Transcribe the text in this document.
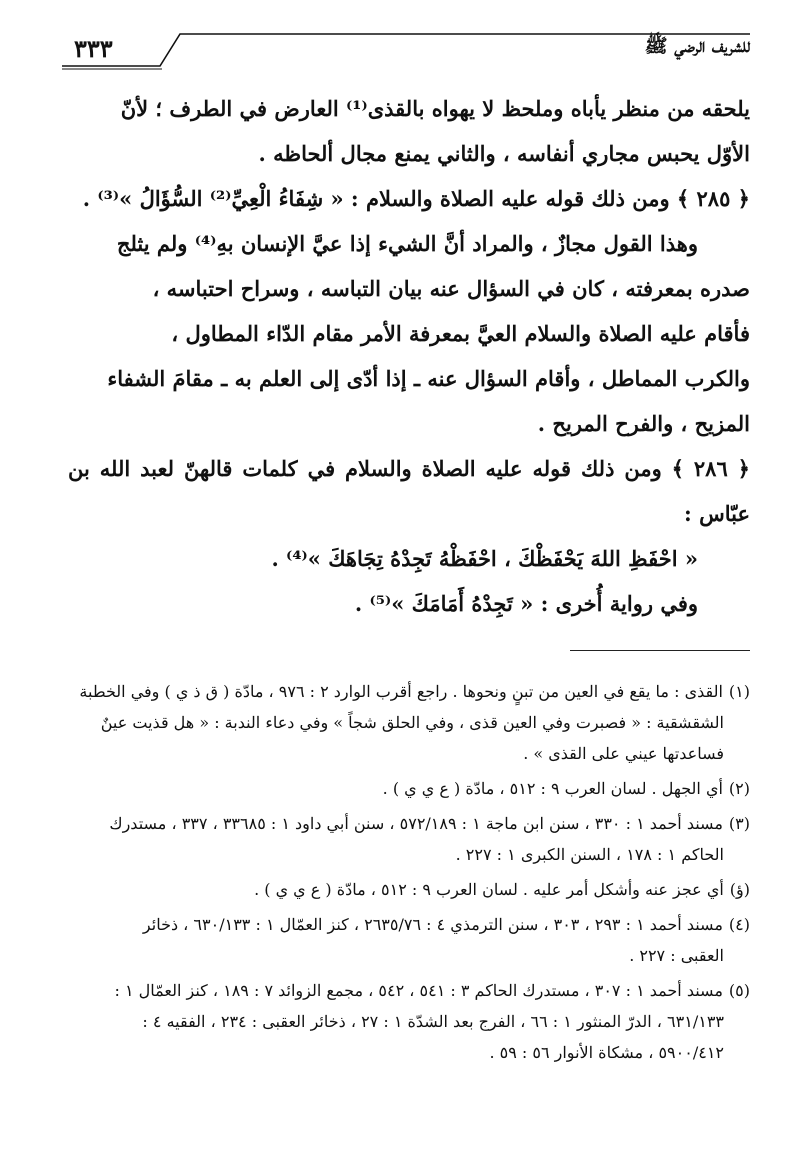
٣٣٣	للشريف الرضي ﷺ

يلحقه من منظر يأباه وملحظ لا يهواه بالقذى⁽¹⁾ العارض في الطرف ؛ لأنّ

الأوّل يحبس مجاري أنفاسه ، والثاني يمنع مجال ألحاظه .

﴿ ٢٨٥ ﴾ ومن ذلك قوله عليه الصلاة والسلام : « شِفَاءُ الْعِيِّ⁽²⁾ السُّؤَالُ »⁽³⁾ .

وهذا القول مجازٌ ، والمراد أنَّ الشيء إذا عيَّ الإنسان بهِ⁽⁴⁾ ولم يثلج

صدره بمعرفته ، كان في السؤال عنه بيان التباسه ، وسراح احتباسه ،

فأقام عليه الصلاة والسلام العيَّ بمعرفة الأمر مقام الدّاء المطاول ،

والكرب المماطل ، وأقام السؤال عنه ـ إذا أدّى إلى العلم به ـ مقامَ الشفاء

المزيح ، والفرح المريح .

﴿ ٢٨٦ ﴾ ومن ذلك قوله عليه الصلاة والسلام في كلمات قالهنّ لعبد الله بن عبّاس :

« احْفَظِ اللهَ يَحْفَظْكَ ، احْفَظْهُ تَجِدْهُ تِجَاهَكَ »⁽⁴⁾ .

وفي رواية أُخرى : « تَجِدْهُ أَمَامَكَ »⁽⁵⁾ .

(١)القذى : ما يقع في العين من تبنٍ ونحوها . راجع أقرب الوارد ٢ : ٩٧٦ ، مادّة ( ق ذ ي ) وفي الخطبة
الشقشقية : « فصبرت وفي العين قذى ، وفي الحلق شجاً » وفي دعاء الندبة : « هل قذيت عينٌ
فساعدتها عيني على القذى » .
(٢)أي الجهل . لسان العرب ٩ : ٥١٢ ، مادّة ( ع ي ي ) .
(٣)مسند أحمد ١ : ٣٣٠ ، سنن ابن ماجة ١ : ٥٧٢/١٨٩ ، سنن أبي داود ١ : ٣٣٦٨٥ ، ٣٣٧ ، مستدرك
الحاكم ١ : ١٧٨ ، السنن الكبرى ١ : ٢٢٧ .
(ؤ)أي عجز عنه وأشكل أمر عليه . لسان العرب ٩ : ٥١٢ ، مادّة ( ع ي ي ) .
(٤)مسند أحمد ١ : ٢٩٣ ، ٣٠٣ ، سنن الترمذي ٤ : ٢٦٣٥/٧٦ ، كنز العمّال ١ : ٦٣٠/١٣٣ ، ذخائر
العقبى : ٢٢٧ .
(٥)مسند أحمد ١ : ٣٠٧ ، مستدرك الحاكم ٣ : ٥٤١ ، ٥٤٢ ، مجمع الزوائد ٧ : ١٨٩ ، كنز العمّال ١ :
٦٣١/١٣٣ ، الدرّ المنثور ١ : ٦٦ ، الفرج بعد الشدّة ١ : ٢٧ ، ذخائر العقبى : ٢٣٤ ، الفقيه ٤ :
٥٩٠٠/٤١٢ ، مشكاة الأنوار ٥٦ : ٥٩ .
